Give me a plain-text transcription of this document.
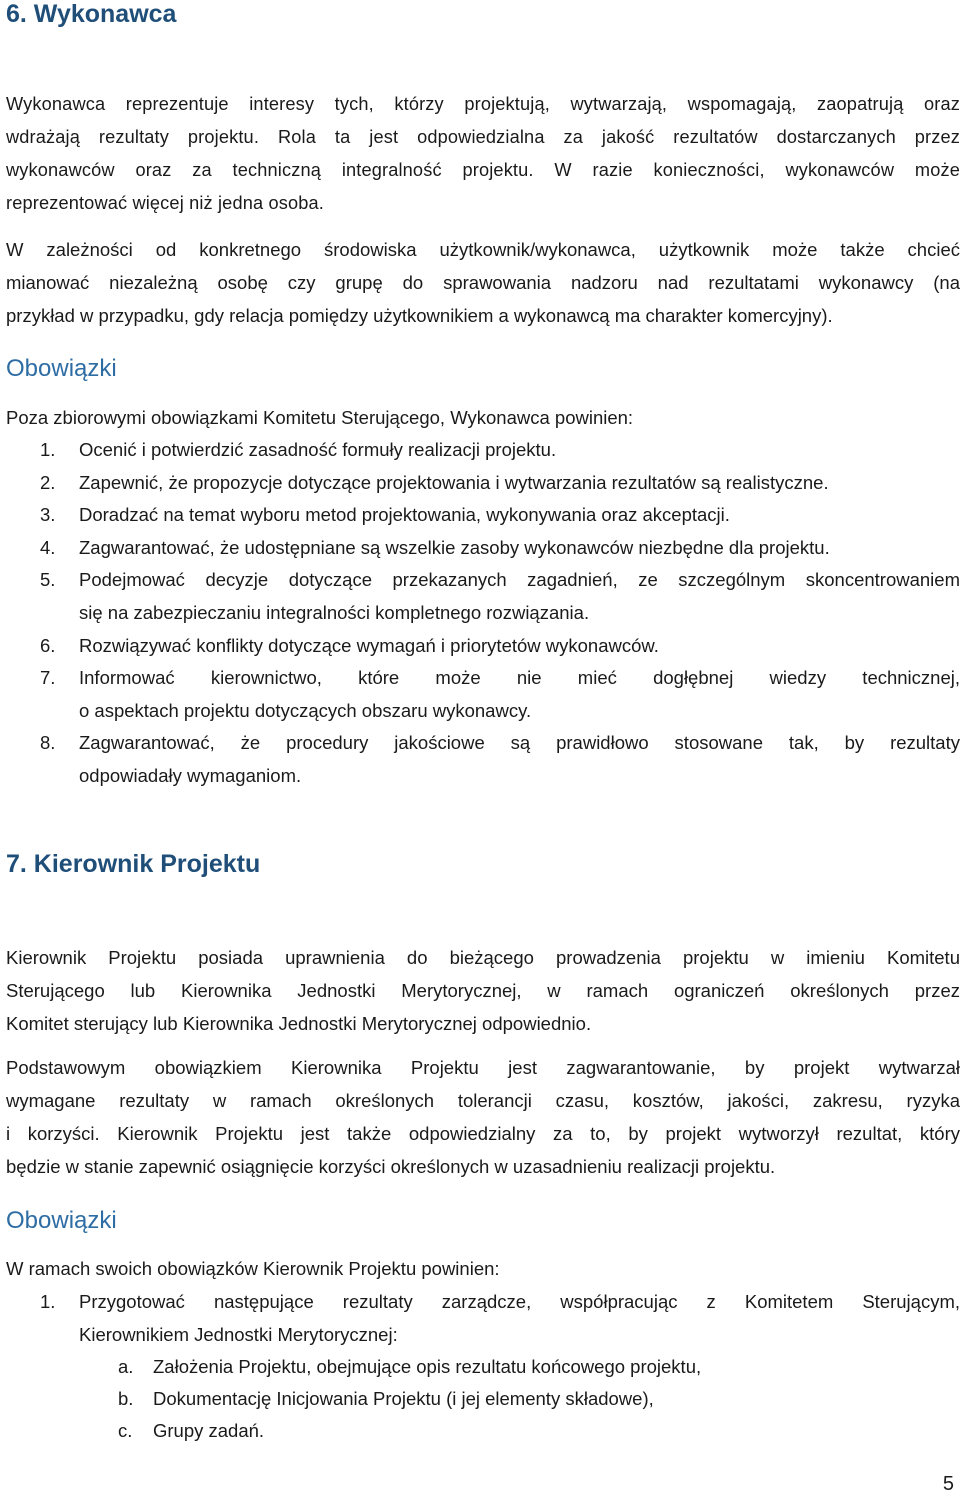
6. Wykonawca
Wykonawca reprezentuje interesy tych, którzy projektują, wytwarzają, wspomagają, zaopatrują oraz
wdrażają rezultaty projektu. Rola ta jest odpowiedzialna za jakość rezultatów dostarczanych przez
wykonawców oraz za techniczną integralność projektu. W razie konieczności, wykonawców może
reprezentować więcej niż jedna osoba.
W zależności od konkretnego środowiska użytkownik/wykonawca, użytkownik może także chcieć
mianować niezależną osobę czy grupę do sprawowania nadzoru nad rezultatami wykonawcy (na
przykład w przypadku, gdy relacja pomiędzy użytkownikiem a wykonawcą ma charakter komercyjny).
Obowiązki
Poza zbiorowymi obowiązkami Komitetu Sterującego, Wykonawca powinien:
1.	Ocenić i potwierdzić zasadność formuły realizacji projektu.
2.	Zapewnić, że propozycje dotyczące projektowania i wytwarzania rezultatów są realistyczne.
3.	Doradzać na temat wyboru metod projektowania, wykonywania oraz akceptacji.
4.	Zagwarantować, że udostępniane są wszelkie zasoby wykonawców niezbędne dla projektu.
5.	Podejmować decyzje dotyczące przekazanych zagadnień, ze szczególnym skoncentrowaniem
się na zabezpieczaniu integralności kompletnego rozwiązania.
6.	Rozwiązywać konflikty dotyczące wymagań i priorytetów wykonawców.
7.	Informować kierownictwo, które może nie mieć dogłębnej wiedzy technicznej,
o aspektach projektu dotyczących obszaru wykonawcy.
8.	Zagwarantować, że procedury jakościowe są prawidłowo stosowane tak, by rezultaty
odpowiadały wymaganiom.
7. Kierownik Projektu
Kierownik Projektu posiada uprawnienia do bieżącego prowadzenia projektu w imieniu Komitetu
Sterującego lub Kierownika Jednostki Merytorycznej, w ramach ograniczeń określonych przez
Komitet sterujący lub Kierownika Jednostki Merytorycznej odpowiednio.
Podstawowym obowiązkiem Kierownika Projektu jest zagwarantowanie, by projekt wytwarzał
wymagane rezultaty w ramach określonych tolerancji czasu, kosztów, jakości, zakresu, ryzyka
i korzyści. Kierownik Projektu jest także odpowiedzialny za to, by projekt wytworzył rezultat, który
będzie w stanie zapewnić osiągnięcie korzyści określonych w uzasadnieniu realizacji projektu.
Obowiązki
W ramach swoich obowiązków Kierownik Projektu powinien:
1.	Przygotować następujące rezultaty zarządcze, współpracując z Komitetem Sterującym,
Kierownikiem Jednostki Merytorycznej:
a.	Założenia Projektu, obejmujące opis rezultatu końcowego projektu,
b.	Dokumentację Inicjowania Projektu (i jej elementy składowe),
c.	Grupy zadań.
5
